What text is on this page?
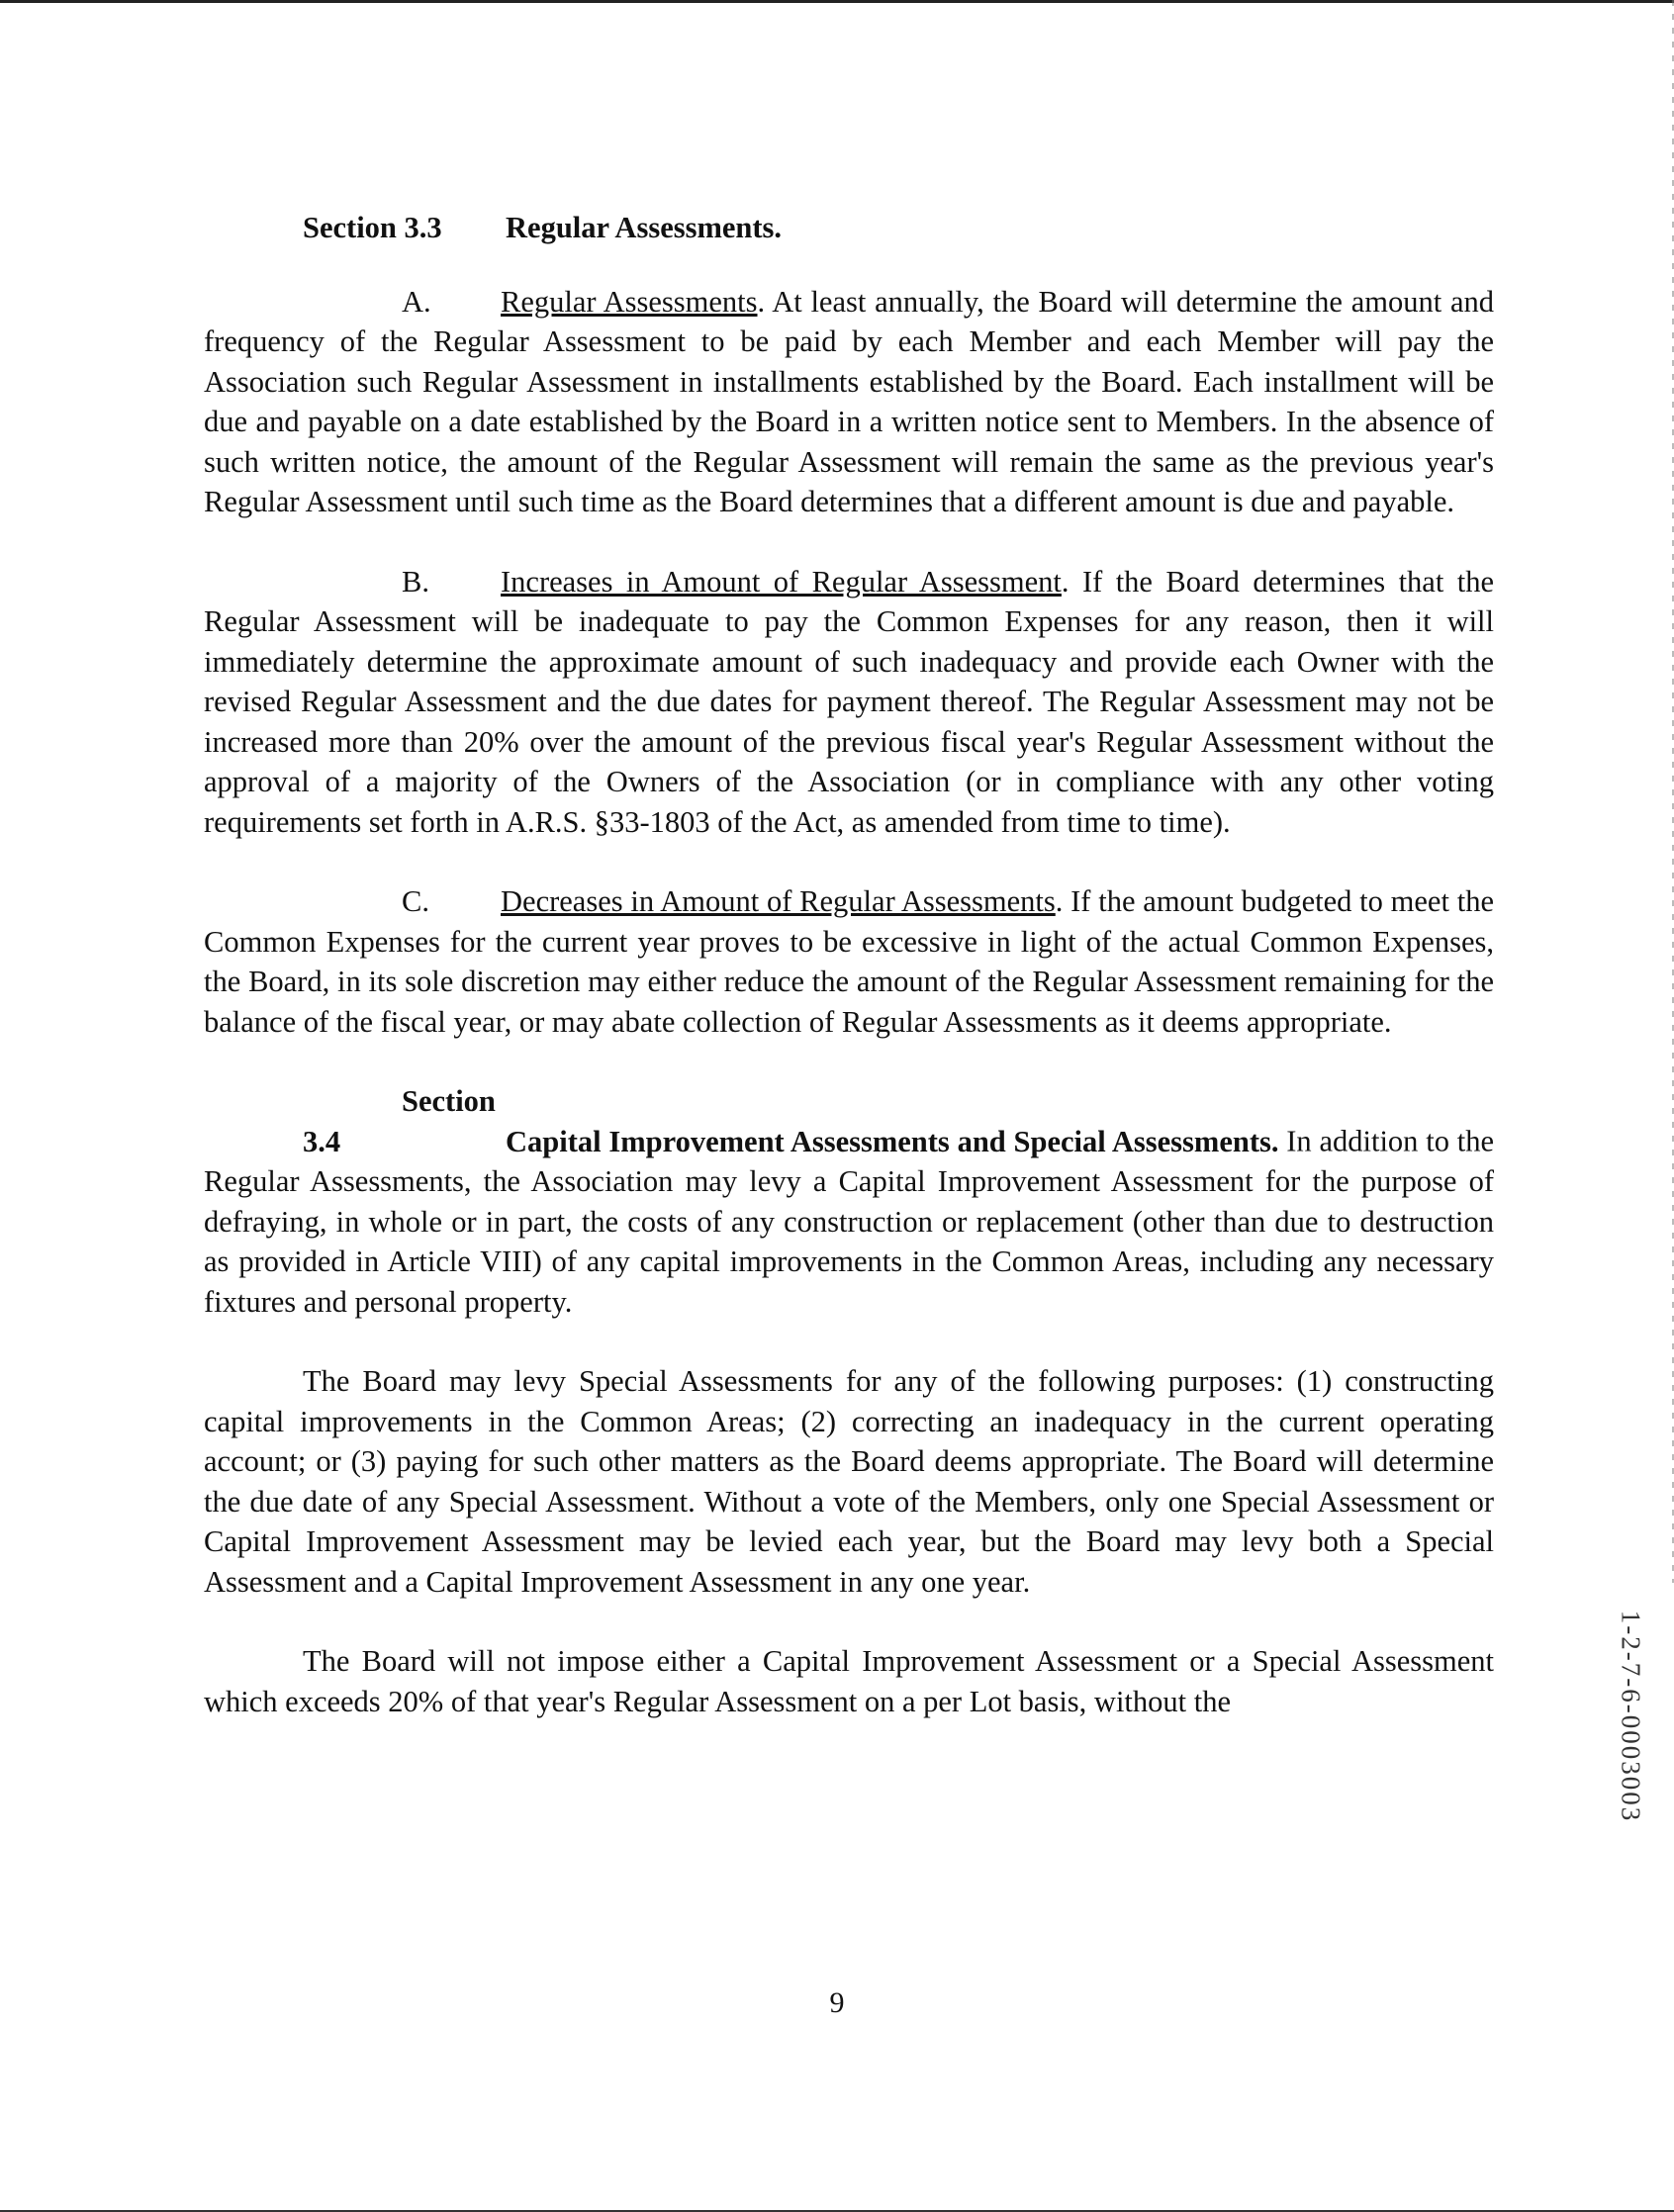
Section 3.3 Regular Assessments.

A. Regular Assessments. At least annually, the Board will determine the amount and frequency of the Regular Assessment to be paid by each Member and each Member will pay the Association such Regular Assessment in installments established by the Board. Each installment will be due and payable on a date established by the Board in a written notice sent to Members. In the absence of such written notice, the amount of the Regular Assessment will remain the same as the previous year's Regular Assessment until such time as the Board determines that a different amount is due and payable.

B. Increases in Amount of Regular Assessment. If the Board determines that the Regular Assessment will be inadequate to pay the Common Expenses for any reason, then it will immediately determine the approximate amount of such inadequacy and provide each Owner with the revised Regular Assessment and the due dates for payment thereof. The Regular Assessment may not be increased more than 20% over the amount of the previous fiscal year's Regular Assessment without the approval of a majority of the Owners of the Association (or in compliance with any other voting requirements set forth in A.R.S. §33-1803 of the Act, as amended from time to time).

C. Decreases in Amount of Regular Assessments. If the amount budgeted to meet the Common Expenses for the current year proves to be excessive in light of the actual Common Expenses, the Board, in its sole discretion may either reduce the amount of the Regular Assessment remaining for the balance of the fiscal year, or may abate collection of Regular Assessments as it deems appropriate.

Section 3.4	Capital Improvement Assessments and Special Assessments. In addition to the Regular Assessments, the Association may levy a Capital Improvement Assessment for the purpose of defraying, in whole or in part, the costs of any construction or replacement (other than due to destruction as provided in Article VIII) of any capital improvements in the Common Areas, including any necessary fixtures and personal property.

The Board may levy Special Assessments for any of the following purposes: (1) constructing capital improvements in the Common Areas; (2) correcting an inadequacy in the current operating account; or (3) paying for such other matters as the Board deems appropriate. The Board will determine the due date of any Special Assessment. Without a vote of the Members, only one Special Assessment or Capital Improvement Assessment may be levied each year, but the Board may levy both a Special Assessment and a Capital Improvement Assessment in any one year.

The Board will not impose either a Capital Improvement Assessment or a Special Assessment which exceeds 20% of that year's Regular Assessment on a per Lot basis, without the	1-2-7-6-0003003
9
